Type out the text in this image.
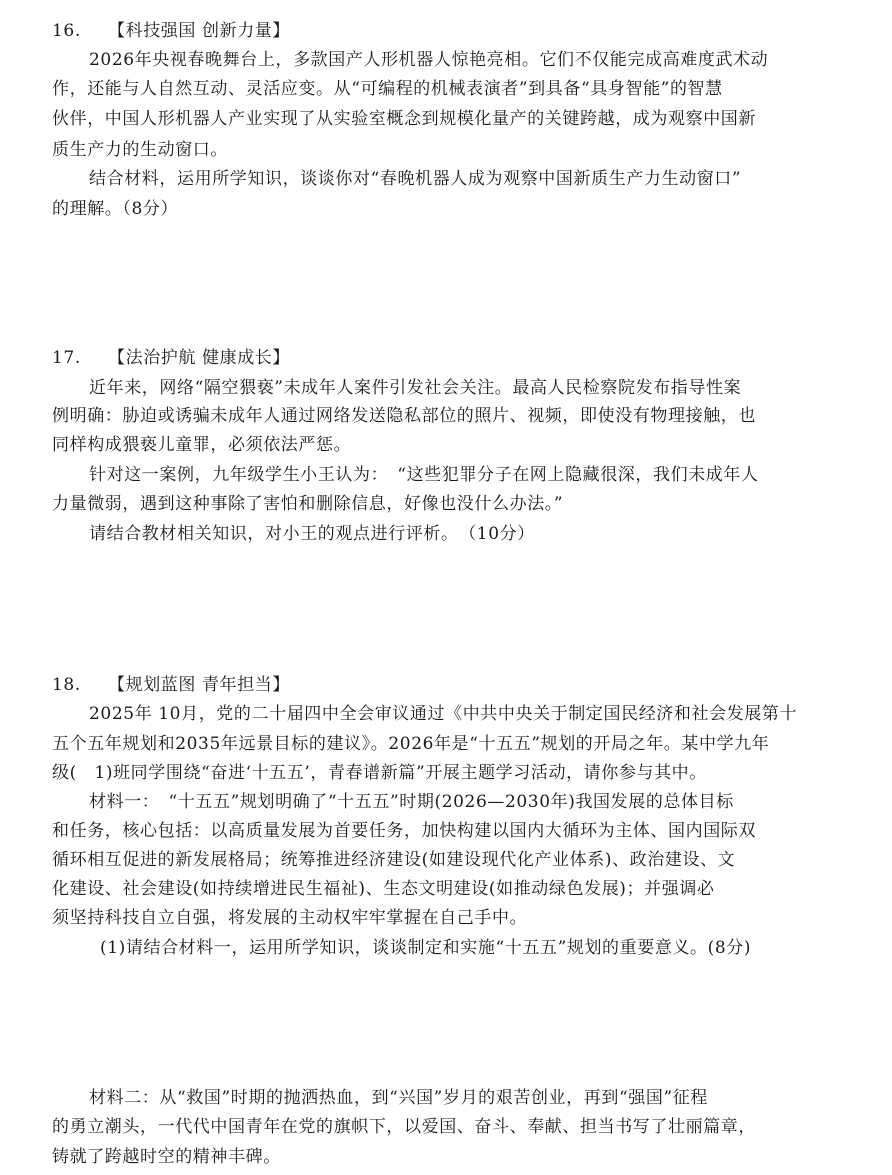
16. 【科技强国 创新力量】
2026年央视春晚舞台上，多款国产人形机器人惊艳亮相。它们不仅能完成高难度武术动
作，还能与人自然互动、灵活应变。从“可编程的机械表演者”到具备“具身智能”的智慧
伙伴，中国人形机器人产业实现了从实验室概念到规模化量产的关键跨越，成为观察中国新
质生产力的生动窗口。
结合材料，运用所学知识，谈谈你对“春晚机器人成为观察中国新质生产力生动窗口”
的理解。（8分）
17. 【法治护航 健康成长】
近年来，网络“隔空猥亵”未成年人案件引发社会关注。最高人民检察院发布指导性案
例明确：胁迫或诱骗未成年人通过网络发送隐私部位的照片、视频，即使没有物理接触，也
同样构成猥亵儿童罪，必须依法严惩。
针对这一案例，九年级学生小王认为：　“这些犯罪分子在网上隐藏很深，我们未成年人
力量微弱，遇到这种事除了害怕和删除信息，好像也没什么办法。”
请结合教材相关知识，对小王的观点进行评析。　（10分）
18. 【规划蓝图 青年担当】
2025年 10月，党的二十届四中全会审议通过《中共中央关于制定国民经济和社会发展第十
五个五年规划和2035年远景目标的建议》。2026年是“十五五”规划的开局之年。某中学九年
级(　1)班同学围绕“奋进‘十五五’，青春谱新篇”开展主题学习活动，请你参与其中。
材料一：　“十五五”规划明确了“十五五”时期(2026—2030年)我国发展的总体目标
和任务，核心包括：以高质量发展为首要任务，加快构建以国内大循环为主体、国内国际双
循环相互促进的新发展格局；统筹推进经济建设(如建设现代化产业体系)、政治建设、文
化建设、社会建设(如持续增进民生福祉)、生态文明建设(如推动绿色发展)；并强调必
须坚持科技自立自强，将发展的主动权牢牢掌握在自己手中。
(1)请结合材料一，运用所学知识，谈谈制定和实施“十五五”规划的重要意义。(8分)
材料二：从“救国”时期的抛洒热血，到“兴国”岁月的艰苦创业，再到“强国”征程
的勇立潮头，一代代中国青年在党的旗帜下，以爱国、奋斗、奉献、担当书写了壮丽篇章，
铸就了跨越时空的精神丰碑。
